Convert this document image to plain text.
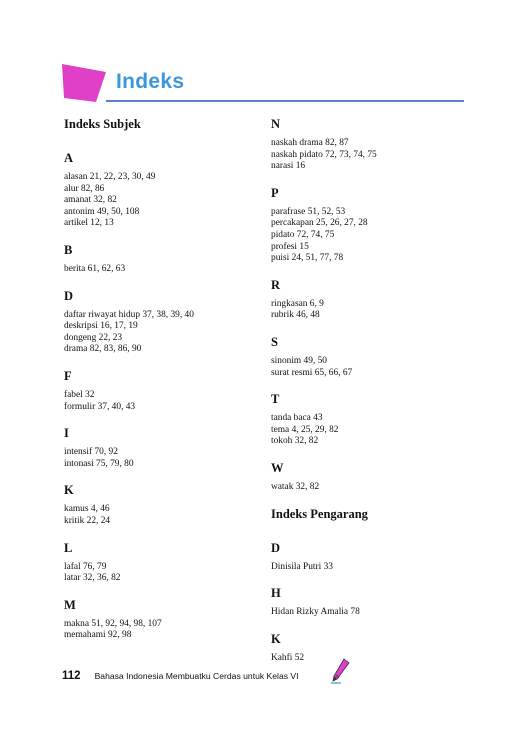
Indeks
Indeks Subjek
A
alasan 21, 22, 23, 30, 49
alur 82, 86
amanat 32, 82
antonim 49, 50, 108
artikel 12, 13
B
berita 61, 62, 63
D
daftar riwayat hidup 37, 38, 39, 40
deskripsi 16, 17, 19
dongeng 22, 23
drama 82, 83, 86, 90
F
fabel 32
formulir 37, 40, 43
I
intensif 70, 92
intonasi 75, 79, 80
K
kamus 4, 46
kritik 22, 24
L
lafal 76, 79
latar 32, 36, 82
M
makna 51, 92, 94, 98, 107
memahami 92, 98
N
naskah drama 82, 87
naskah pidato 72, 73, 74, 75
narasi 16
P
parafrase 51, 52, 53
percakapan 25, 26, 27, 28
pidato 72, 74, 75
profesi 15
puisi 24, 51, 77, 78
R
ringkasan 6, 9
rubrik 46, 48
S
sinonim 49, 50
surat resmi 65, 66, 67
T
tanda baca 43
tema 4, 25, 29, 82
tokoh 32, 82
W
watak 32, 82
Indeks Pengarang
D
Dinisila Putri 33
H
Hidan Rizky Amalia 78
K
Kahfi 52
112 Bahasa Indonesia Membuatku Cerdas untuk Kelas VI
